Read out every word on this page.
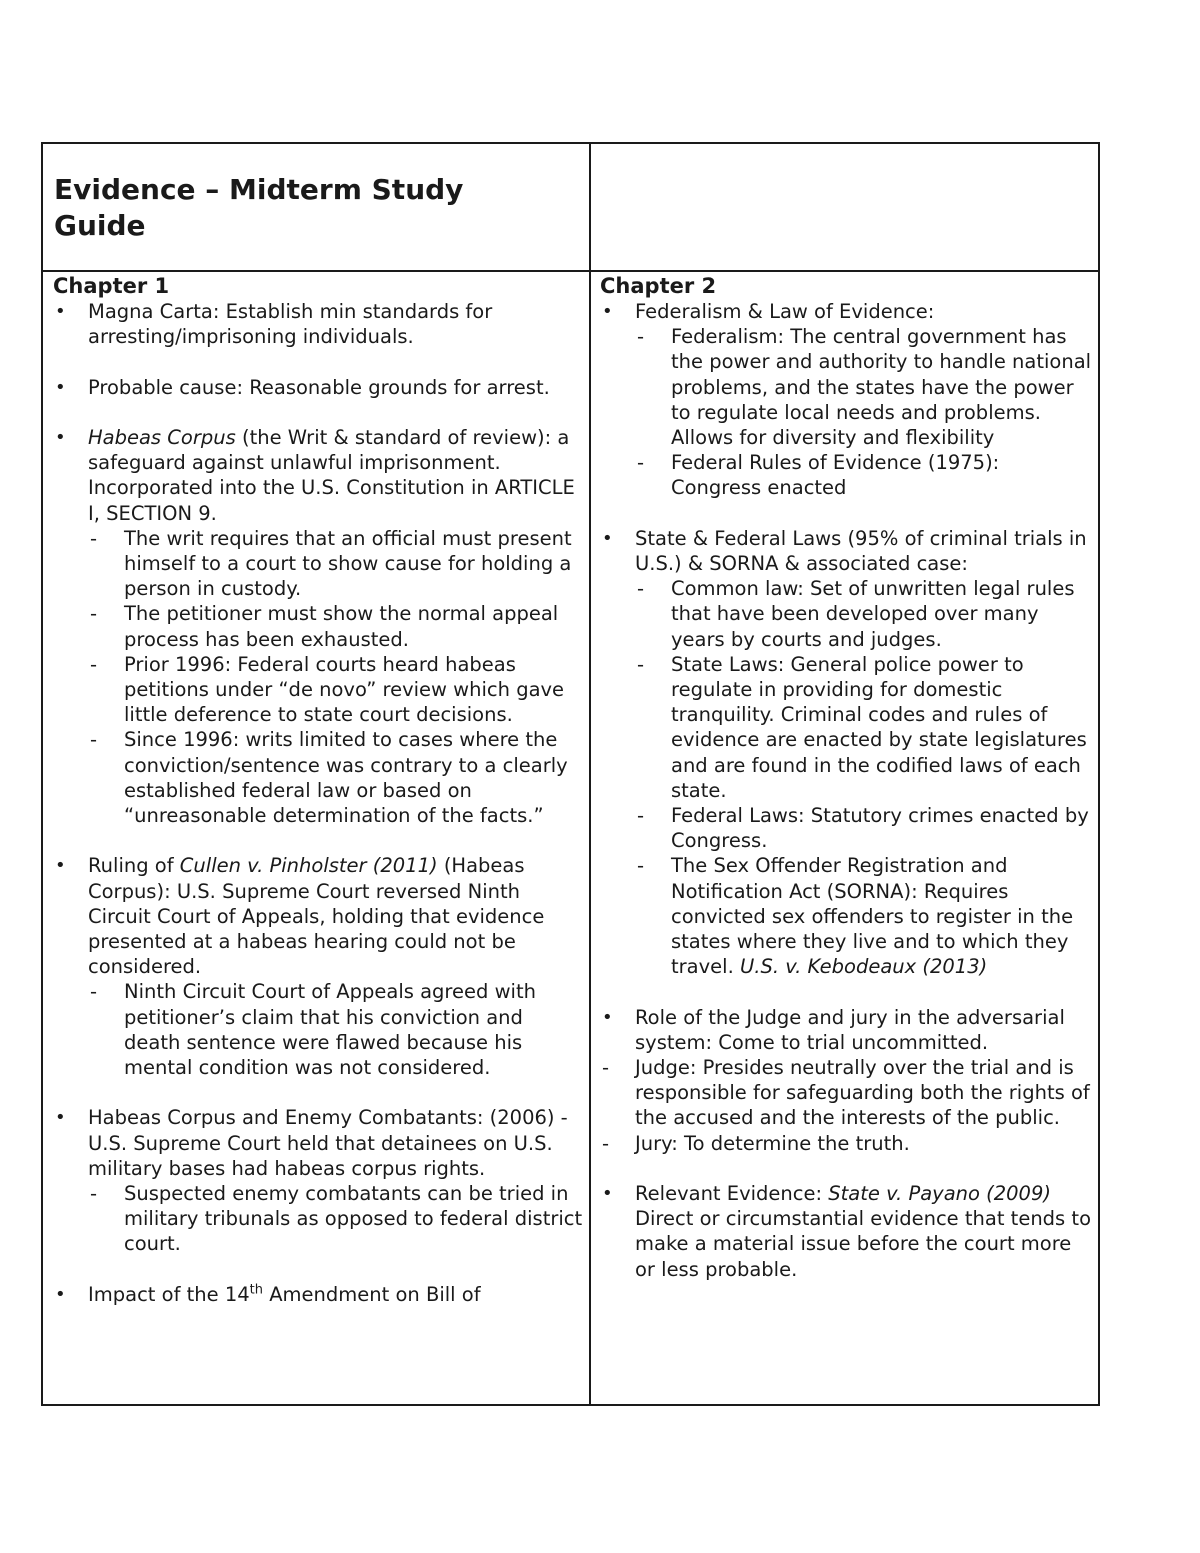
Evidence – Midterm Study Guide

Chapter 1

• Magna Carta: Establish min standards for arresting/imprisoning individuals.
• Probable cause: Reasonable grounds for arrest.
• Habeas Corpus (the Writ & standard of review): a safeguard against unlawful imprisonment. Incorporated into the U.S. Constitution in ARTICLE I, SECTION 9.
- The writ requires that an official must present himself to a court to show cause for holding a person in custody.
- The petitioner must show the normal appeal process has been exhausted.
- Prior 1996: Federal courts heard habeas petitions under “de novo” review which gave little deference to state court decisions.
- Since 1996: writs limited to cases where the conviction/sentence was contrary to a clearly established federal law or based on “unreasonable determination of the facts.”
• Ruling of Cullen v. Pinholster (2011) (Habeas Corpus): U.S. Supreme Court reversed Ninth Circuit Court of Appeals, holding that evidence presented at a habeas hearing could not be considered.
- Ninth Circuit Court of Appeals agreed with petitioner’s claim that his conviction and death sentence were flawed because his mental condition was not considered.
• Habeas Corpus and Enemy Combatants: (2006) - U.S. Supreme Court held that detainees on U.S. military bases had habeas corpus rights.
- Suspected enemy combatants can be tried in military tribunals as opposed to federal district court.
• Impact of the 14th Amendment on Bill of

Chapter 2

• Federalism & Law of Evidence:
- Federalism: The central government has the power and authority to handle national problems, and the states have the power to regulate local needs and problems. Allows for diversity and flexibility
- Federal Rules of Evidence (1975): Congress enacted
• State & Federal Laws (95% of criminal trials in U.S.) & SORNA & associated case:
- Common law: Set of unwritten legal rules that have been developed over many years by courts and judges.
- State Laws: General police power to regulate in providing for domestic tranquility. Criminal codes and rules of evidence are enacted by state legislatures and are found in the codified laws of each state.
- Federal Laws: Statutory crimes enacted by Congress.
- The Sex Offender Registration and Notification Act (SORNA): Requires convicted sex offenders to register in the states where they live and to which they travel. U.S. v. Kebodeaux (2013)
• Role of the Judge and jury in the adversarial system: Come to trial uncommitted.
- Judge: Presides neutrally over the trial and is responsible for safeguarding both the rights of the accused and the interests of the public.
- Jury: To determine the truth.
• Relevant Evidence: State v. Payano (2009) Direct or circumstantial evidence that tends to make a material issue before the court more or less probable.
